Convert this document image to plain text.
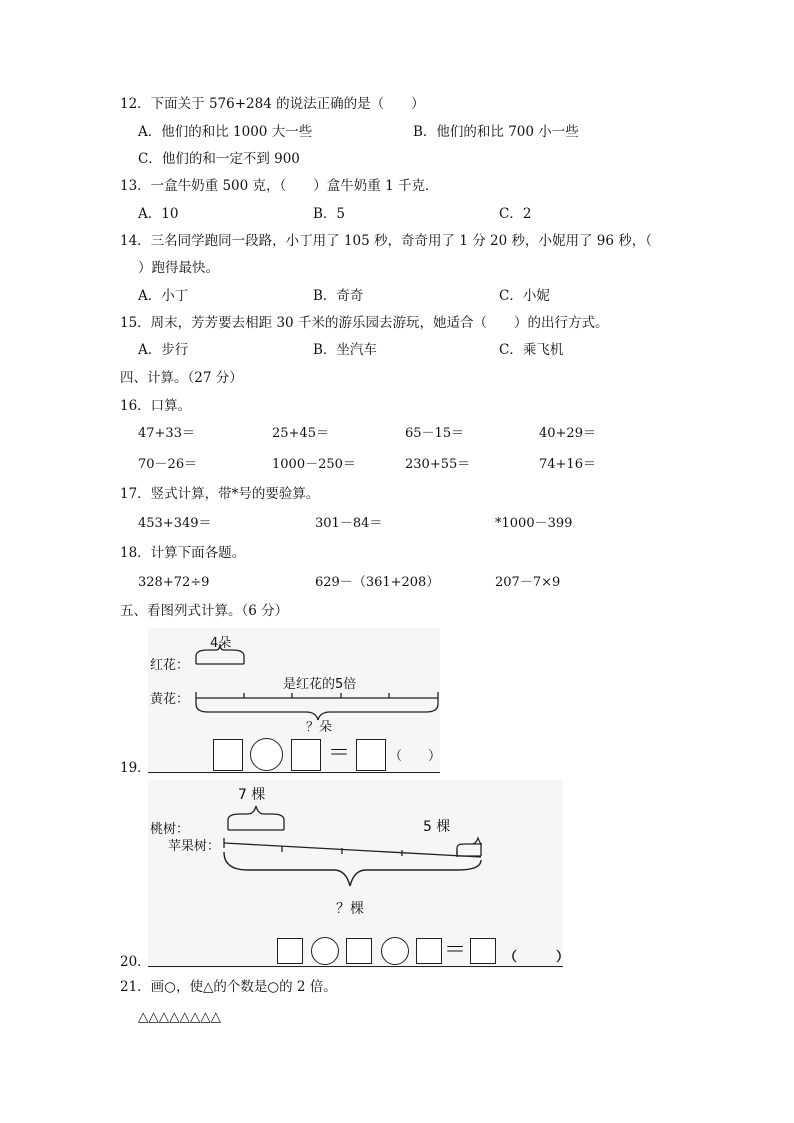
12．下面关于 576+284 的说法正确的是（　　）
A．他们的和比 1000 大一些	B．他们的和比 700 小一些
C．他们的和一定不到 900
13．一盒牛奶重 500 克，（　　）盒牛奶重 1 千克．
A．10	B．5	C．2
14．三名同学跑同一段路，小丁用了 105 秒，奇奇用了 1 分 20 秒，小妮用了 96 秒，（
）跑得最快。
A．小丁	B．奇奇	C．小妮
15．周末，芳芳要去相距 30 千米的游乐园去游玩，她适合（　　）的出行方式。
A．步行	B．坐汽车	C．乘飞机
四、计算。（27 分）
16．口算。
47+33＝	25+45＝	65－15＝	40+29＝
70－26＝	1000－250＝	230+55＝	74+16＝
17．竖式计算，带*号的要验算。
453+349＝	301－84＝	*1000－399
18．计算下面各题。
328+72÷9	629－（361+208）	207－7×9
五、看图列式计算。（6 分）
4朵
红花：
黄花：
是红花的5倍
？朵
19．
＝	（　　）
7 棵
桃树：	5 棵
苹果树：
？棵
20．	＝	（　　　）
21．画○，使△的个数是○的 2 倍。
△△△△△△△△
